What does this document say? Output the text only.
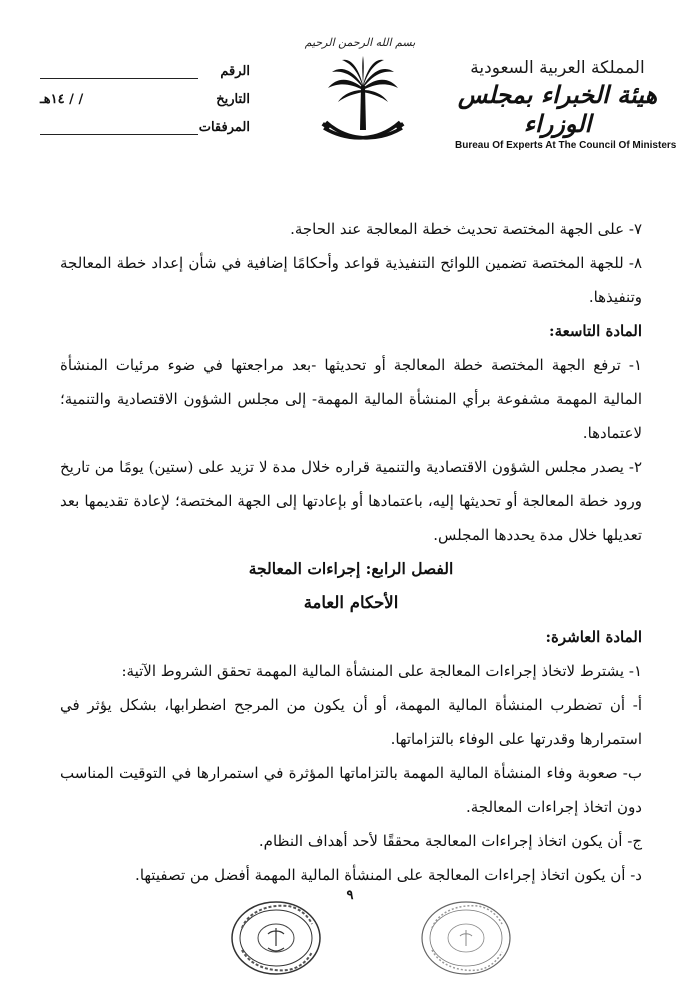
المملكة العربية السعودية
هيئة الخبراء بمجلس الوزراء
Bureau Of Experts At The Council Of Ministers
بسم الله الرحمن الرحيم
الرقم
التاريخ
/ / ١٤هـ
المرفقات

٧- على الجهة المختصة تحديث خطة المعالجة عند الحاجة.

٨- للجهة المختصة تضمين اللوائح التنفيذية قواعد وأحكامًا إضافية في شأن إعداد خطة المعالجة وتنفيذها.

المادة التاسعة:

١- ترفع الجهة المختصة خطة المعالجة أو تحديثها -بعد مراجعتها في ضوء مرئيات المنشأة المالية المهمة مشفوعة برأي المنشأة المالية المهمة- إلى مجلس الشؤون الاقتصادية والتنمية؛ لاعتمادها.

٢- يصدر مجلس الشؤون الاقتصادية والتنمية قراره خلال مدة لا تزيد على (ستين) يومًا من تاريخ ورود خطة المعالجة أو تحديثها إليه، باعتمادها أو بإعادتها إلى الجهة المختصة؛ لإعادة تقديمها بعد تعديلها خلال مدة يحددها المجلس.

الفصل الرابع: إجراءات المعالجة

الأحكام العامة

المادة العاشرة:

١- يشترط لاتخاذ إجراءات المعالجة على المنشأة المالية المهمة تحقق الشروط الآتية:

أ- أن تضطرب المنشأة المالية المهمة، أو أن يكون من المرجح اضطرابها، بشكل يؤثر في استمرارها وقدرتها على الوفاء بالتزاماتها.

ب- صعوبة وفاء المنشأة المالية المهمة بالتزاماتها المؤثرة في استمرارها في التوقيت المناسب دون اتخاذ إجراءات المعالجة.

ج- أن يكون اتخاذ إجراءات المعالجة محققًا لأحد أهداف النظام.

د- أن يكون اتخاذ إجراءات المعالجة على المنشأة المالية المهمة أفضل من تصفيتها.

٩
